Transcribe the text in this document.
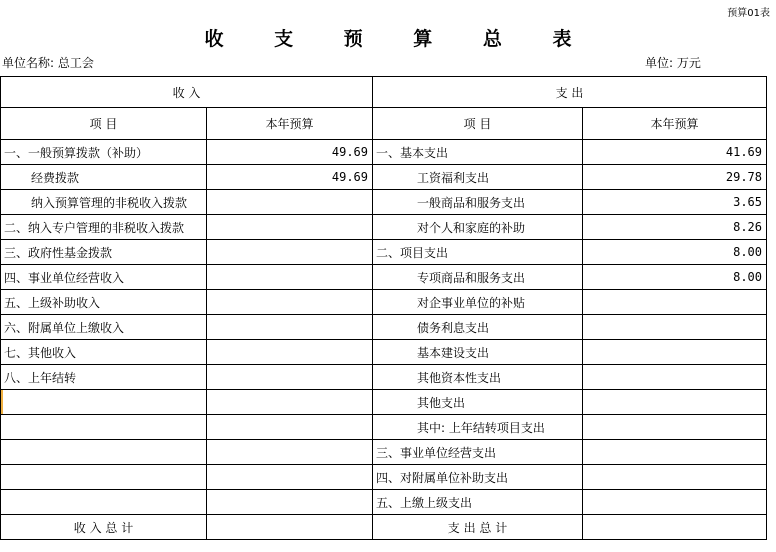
预算01表
收 支 预 算 总 表
单位名称: 总工会	单位: 万元
收 入		支 出	
项 目	本年预算	项 目	本年预算
一、一般预算拨款（补助）	49.69	一、基本支出	41.69
经费拨款	49.69	工资福利支出	29.78
纳入预算管理的非税收入拨款		一般商品和服务支出	3.65
二、纳入专户管理的非税收入拨款		对个人和家庭的补助	8.26
三、政府性基金拨款		二、项目支出	8.00
四、事业单位经营收入		专项商品和服务支出	8.00
五、上级补助收入		对企事业单位的补贴	
六、附属单位上缴收入		债务利息支出	
七、其他收入		基本建设支出	
八、上年结转		其他资本性支出	
		其他支出	
		其中: 上年结转项目支出	
		三、事业单位经营支出	
		四、对附属单位补助支出	
		五、上缴上级支出	
收 入 总 计		支 出 总 计	
